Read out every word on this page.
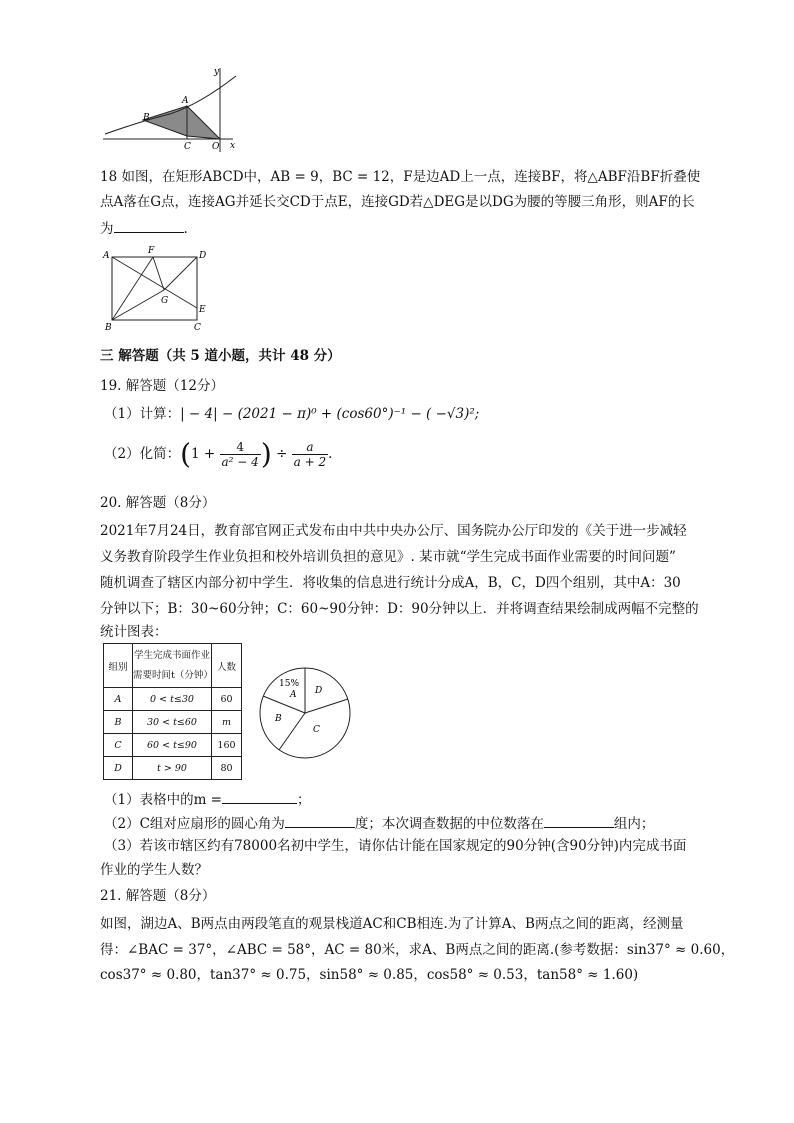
y
x
A
B
C O
18 如图，在矩形ABCD中，AB = 9，BC = 12，F是边AD上一点，连接BF，将△ABF沿BF折叠使
点A落在G点，连接AG并延长交CD于点E，连接GD若△DEG是以DG为腰的等腰三角形，则AF的长
为	.
A	F	D
G
E
B	C
三 解答题（共 5 道小题，共计 48 分）
19. 解答题（12分）
（1）计算：| − 4| − (2021 − π)⁰ + (cos60°)⁻¹ − ( −√3)²;
（2）化简：($1 + \frac{4}{\text{a² − 4}}$ ) ÷ $\frac{a}{a + 2}$ .
20. 解答题（8分）
2021年7月24日，教育部官网正式发布由中共中央办公厅、国务院办公厅印发的《关于进一步减轻
义务教育阶段学生作业负担和校外培训负担的意见》. 某市就“学生完成书面作业需要的时间问题”
随机调查了辖区内部分初中学生．将收集的信息进行统计分成A，B，C，D四个组别，其中A：30
分钟以下；B：30~60分钟；C：60~90分钟：D：90分钟以上．并将调查结果绘制成两幅不完整的
统计图表：
组别	学生完成书面作业
需要时间t（分钟）	人数
A	0 < t≤30	60
B	30 < t≤60	m
C	60 < t≤90	160
D	t > 90	80
15%
A D
B
C
（1）表格中的m =	；
（2）C组对应扇形的圆心角为	度；本次调查数据的中位数落在	组内；
（3）若该市辖区约有78000名初中学生，请你估计能在国家规定的90分钟(含90分钟)内完成书面
作业的学生人数？
21. 解答题（8分）
如图，湖边A、B两点由两段笔直的观景栈道AC和CB相连.为了计算A、B两点之间的距离，经测量
得：∠BAC = 37°，∠ABC = 58°，AC = 80米，求A、B两点之间的距离.(参考数据：sin37° ≈ 0.60，
cos37° ≈ 0.80，tan37° ≈ 0.75，sin58° ≈ 0.85，cos58° ≈ 0.53，tan58° ≈ 1.60)
